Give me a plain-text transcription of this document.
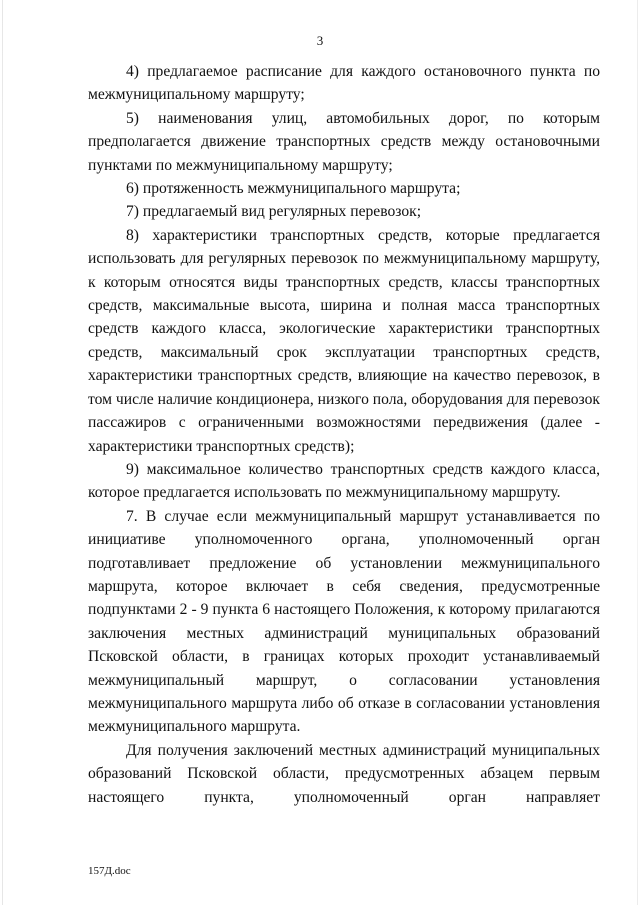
3

4) предлагаемое расписание для каждого остановочного пункта по межмуниципальному маршруту;

5) наименования улиц, автомобильных дорог, по которым предполагается движение транспортных средств между остановочными пунктами по межмуниципальному маршруту;

6) протяженность межмуниципального маршрута;

7) предлагаемый вид регулярных перевозок;

8) характеристики транспортных средств, которые предлагается использовать для регулярных перевозок по межмуниципальному маршруту, к которым относятся виды транспортных средств, классы транспортных средств, максимальные высота, ширина и полная масса транспортных средств каждого класса, экологические характеристики транспортных средств, максимальный срок эксплуатации транспортных средств, характеристики транспортных средств, влияющие на качество перевозок, в том числе наличие кондиционера, низкого пола, оборудования для перевозок пассажиров с ограниченными возможностями передвижения (далее - характеристики транспортных средств);

9) максимальное количество транспортных средств каждого класса, которое предлагается использовать по межмуниципальному маршруту.

7. В случае если межмуниципальный маршрут устанавливается по инициативе уполномоченного органа, уполномоченный орган подготавливает предложение об установлении межмуниципального маршрута, которое включает в себя сведения, предусмотренные подпунктами 2 - 9 пункта 6 настоящего Положения, к которому прилагаются заключения местных администраций муниципальных образований Псковской области, в границах которых проходит устанавливаемый межмуниципальный маршрут, о согласовании установления межмуниципального маршрута либо об отказе в согласовании установления межмуниципального маршрута.

Для получения заключений местных администраций муниципальных образований Псковской области, предусмотренных абзацем первым настоящего пункта, уполномоченный орган направляет

157Д.doc
